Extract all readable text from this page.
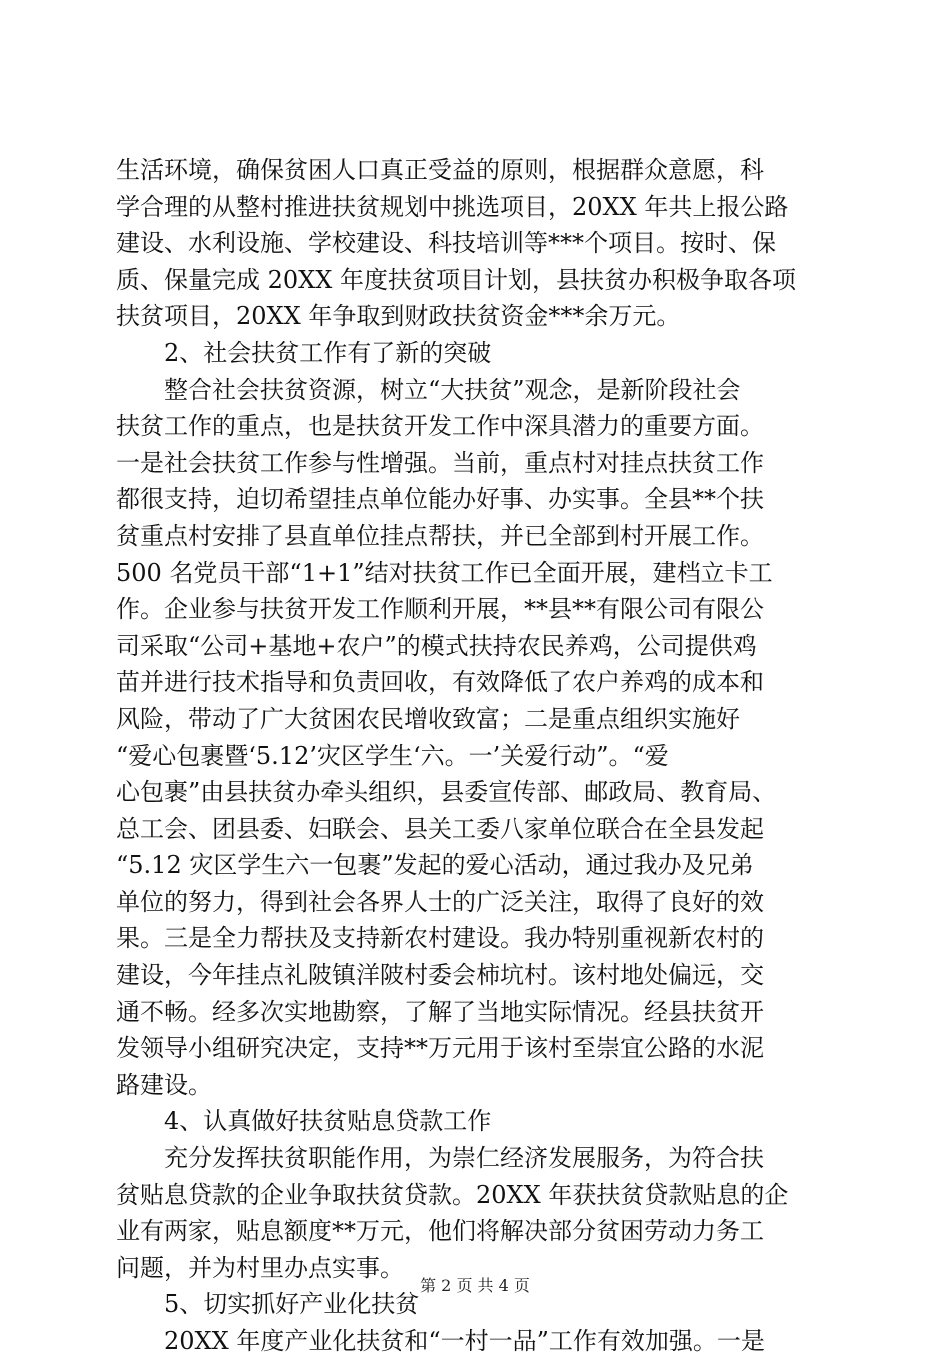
生活环境，确保贫困人口真正受益的原则，根据群众意愿，科
学合理的从整村推进扶贫规划中挑选项目，20XX 年共上报公路
建设、水利设施、学校建设、科技培训等***个项目。按时、保
质、保量完成 20XX 年度扶贫项目计划，县扶贫办积极争取各项
扶贫项目，20XX 年争取到财政扶贫资金***余万元。
2、社会扶贫工作有了新的突破
整合社会扶贫资源，树立“大扶贫”观念，是新阶段社会
扶贫工作的重点，也是扶贫开发工作中深具潜力的重要方面。
一是社会扶贫工作参与性增强。当前，重点村对挂点扶贫工作
都很支持，迫切希望挂点单位能办好事、办实事。全县**个扶
贫重点村安排了县直单位挂点帮扶，并已全部到村开展工作。
500 名党员干部“1+1”结对扶贫工作已全面开展，建档立卡工
作。企业参与扶贫开发工作顺利开展，**县**有限公司有限公
司采取“公司+基地+农户”的模式扶持农民养鸡，公司提供鸡
苗并进行技术指导和负责回收，有效降低了农户养鸡的成本和
风险，带动了广大贫困农民增收致富；二是重点组织实施好
“爱心包裹暨‘5.12’灾区学生‘六。一’关爱行动”。“爱
心包裹”由县扶贫办牵头组织，县委宣传部、邮政局、教育局、
总工会、团县委、妇联会、县关工委八家单位联合在全县发起
“5.12 灾区学生六一包裹”发起的爱心活动，通过我办及兄弟
单位的努力，得到社会各界人士的广泛关注，取得了良好的效
果。三是全力帮扶及支持新农村建设。我办特别重视新农村的
建设，今年挂点礼陂镇洋陂村委会柿坑村。该村地处偏远，交
通不畅。经多次实地勘察，了解了当地实际情况。经县扶贫开
发领导小组研究决定，支持**万元用于该村至崇宜公路的水泥
路建设。
4、认真做好扶贫贴息贷款工作
充分发挥扶贫职能作用，为崇仁经济发展服务，为符合扶
贫贴息贷款的企业争取扶贫贷款。20XX 年获扶贫贷款贴息的企
业有两家，贴息额度**万元，他们将解决部分贫困劳动力务工
问题，并为村里办点实事。
5、切实抓好产业化扶贫
20XX 年度产业化扶贫和“一村一品”工作有效加强。一是
第 2 页 共 4 页
